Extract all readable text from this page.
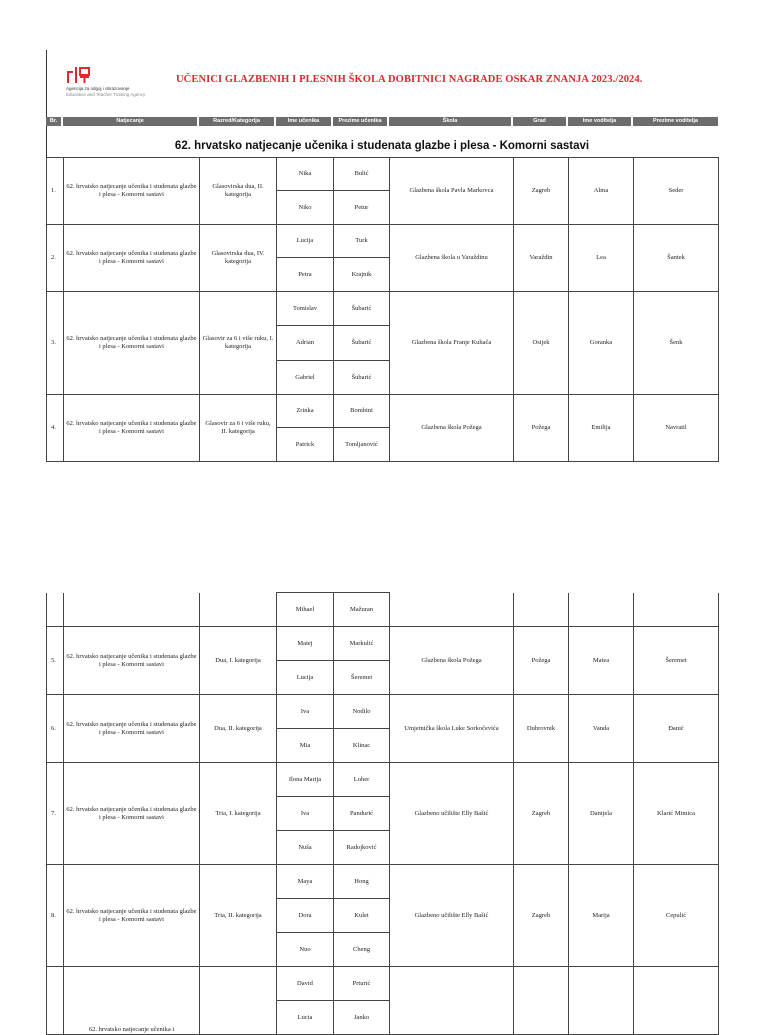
Agencija za odgoj i obrazovanje
Education and Teacher Training Agency
UČENICI GLAZBENIH I PLESNIH ŠKOLA DOBITNICI NAGRADE OSKAR ZNANJA 2023./2024.
Br.	Natjecanje	Razred/Kategorija	Ime učenika	Prezime učenika	Škola	Grad	Ime voditelja	Prezime voditelja
62. hrvatsko natjecanje učenika i studenata glazbe i plesa - Komorni sastavi
1.	62. hrvatsko natjecanje učenika i studenata glazbe i plesa - Komorni sastavi	Glasovirska dua, II. kategorija	Nika	Bulić	Glazbena škola Pavla Markovca	Zagreb	Alma	Seder
			Niko	Petur				
2.	62. hrvatsko natjecanje učenika i studenata glazbe i plesa - Komorni sastavi	Glasovirska dua, IV. kategorija	Lucija	Turk	Glazbena škola u Varaždinu	Varaždin	Lea	Šantek
			Petra	Krajnik				
3.	62. hrvatsko natjecanje učenika i studenata glazbe i plesa - Komorni sastavi	Glasovir za 6 i više ruku, I. kategorija	Tomislav	Šubarić	Glazbena škola Franje Kuhača	Osijek	Goranka	Šenk
			Adrian	Šubarić				
			Gabriel	Šubarić				
4.	62. hrvatsko natjecanje učenika i studenata glazbe i plesa - Komorni sastavi	Glasovir za 6 i više ruku, II. kategorija	Zrinka	Bombini	Glazbena škola Požega	Požega	Emilija	Navratil
			Patrick	Tomljanović				
			Mihael	Mažuran				
5.	62. hrvatsko natjecanje učenika i studenata glazbe i plesa - Komorni sastavi	Dua, I. kategorija	Matej	Markulić	Glazbena škola Požega	Požega	Matea	Šeremet
			Lucija	Šeremet				
6.	62. hrvatsko natjecanje učenika i studenata glazbe i plesa - Komorni sastavi	Dua, II. kategorija	Iva	Nodilo	Umjetnička škola Luke Sorkočevića	Dubrovnik	Vanda	Đanić
			Mia	Klinac				
7.	62. hrvatsko natjecanje učenika i studenata glazbe i plesa - Komorni sastavi	Tria, I. kategorija	Ilona Marija	Loher	Glazbeno učilište Elly Bašić	Zagreb	Danijela	Klarić Mimica
			Iva	Pandurić				
			Nuša	Radojković				
8.	62. hrvatsko natjecanje učenika i studenata glazbe i plesa - Komorni sastavi	Tria, II. kategorija	Maya	Hong	Glazbeno učilište Elly Bašić	Zagreb	Marija	Cepulić
			Dora	Kulet				
			Nuo	Cheng				
	62. hrvatsko natjecanje učenika i		David	Prturić				
			Lucia	Janko				
